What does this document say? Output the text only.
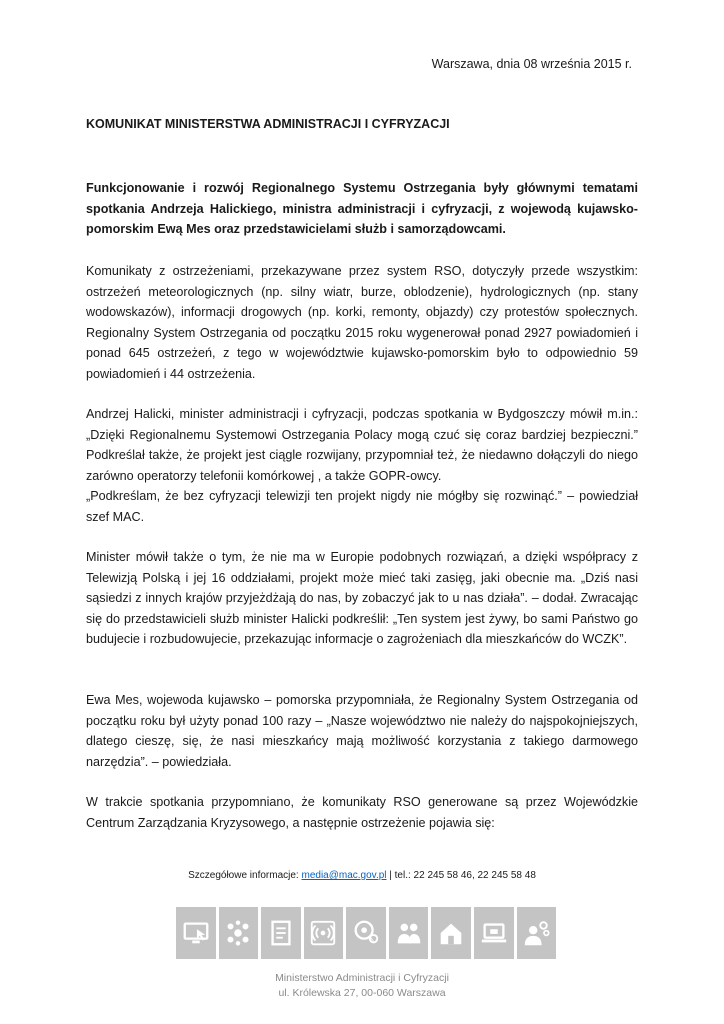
Warszawa, dnia 08 września 2015 r.
KOMUNIKAT MINISTERSTWA ADMINISTRACJI I CYFRYZACJI

Funkcjonowanie i rozwój Regionalnego Systemu Ostrzegania były głównymi tematami spotkania Andrzeja Halickiego, ministra administracji i cyfryzacji, z wojewodą kujawsko-pomorskim Ewą Mes oraz przedstawicielami służb i samorządowcami.

Komunikaty z ostrzeżeniami, przekazywane przez system RSO, dotyczyły przede wszystkim: ostrzeżeń meteorologicznych (np. silny wiatr, burze, oblodzenie), hydrologicznych (np. stany wodowskazów), informacji drogowych (np. korki, remonty, objazdy) czy protestów społecznych. Regionalny System Ostrzegania od początku 2015 roku wygenerował ponad 2927 powiadomień i ponad 645 ostrzeżeń, z tego w województwie kujawsko-pomorskim było to odpowiednio 59 powiadomień i 44 ostrzeżenia.

Andrzej Halicki, minister administracji i cyfryzacji, podczas spotkania w Bydgoszczy mówił m.in.: „Dzięki Regionalnemu Systemowi Ostrzegania Polacy mogą czuć się coraz bardziej bezpieczni.” Podkreślał także, że projekt jest ciągle rozwijany, przypomniał też, że niedawno dołączyli do niego zarówno operatorzy telefonii komórkowej , a także GOPR-owcy.

„Podkreślam, że bez cyfryzacji telewizji ten projekt nigdy nie mógłby się rozwinąć.” – powiedział szef MAC.

Minister mówił także o tym, że nie ma w Europie podobnych rozwiązań, a dzięki współpracy z Telewizją Polską i jej 16 oddziałami, projekt może mieć taki zasięg, jaki obecnie ma. „Dziś nasi sąsiedzi z innych krajów przyjeżdżają do nas, by zobaczyć jak to u nas działa”. – dodał. Zwracając się do przedstawicieli służb minister Halicki podkreślił: „Ten system jest żywy, bo sami Państwo go budujecie i rozbudowujecie, przekazując informacje o zagrożeniach dla mieszkańców do WCZK”.

Ewa Mes, wojewoda kujawsko – pomorska przypomniała, że Regionalny System Ostrzegania od początku roku był użyty ponad 100 razy – „Nasze województwo nie należy do najspokojniejszych, dlatego cieszę, się, że nasi mieszkańcy mają możliwość korzystania z takiego darmowego narzędzia”. – powiedziała.

W trakcie spotkania przypomniano, że komunikaty RSO generowane są przez Wojewódzkie Centrum Zarządzania Kryzysowego, a następnie ostrzeżenie pojawia się:

Szczegółowe informacje: media@mac.gov.pl | tel.: 22 245 58 46, 22 245 58 48
Ministerstwo Administracji i Cyfryzacji
ul. Królewska 27, 00-060 Warszawa
